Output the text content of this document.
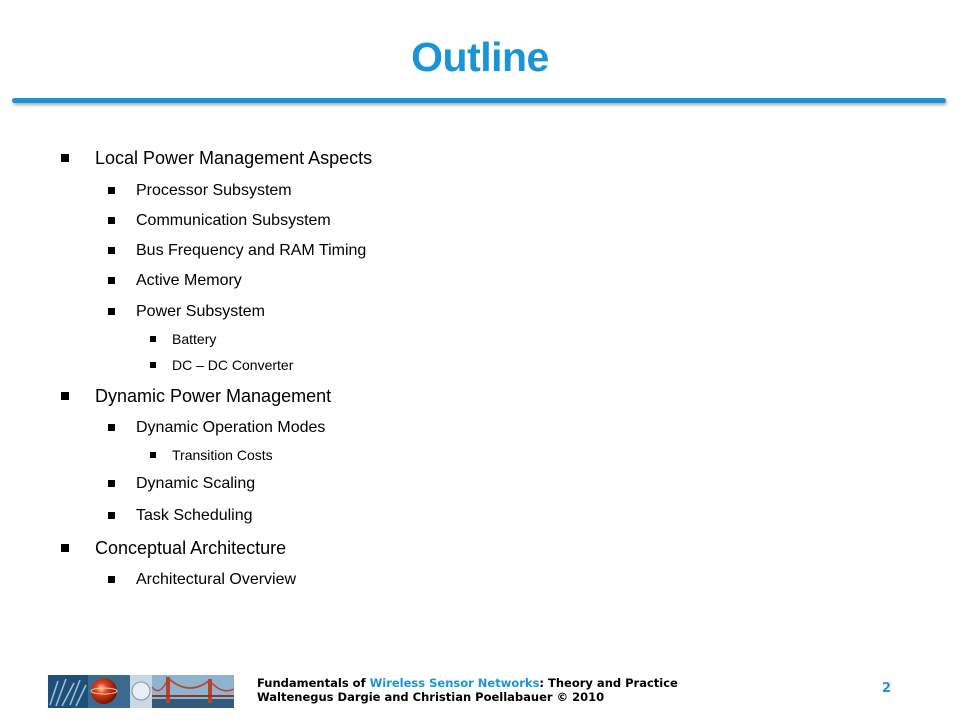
Outline
Local Power Management Aspects
Processor Subsystem
Communication Subsystem
Bus Frequency and RAM Timing
Active Memory
Power Subsystem
Battery
DC – DC Converter
Dynamic Power Management
Dynamic Operation Modes
Transition Costs
Dynamic Scaling
Task Scheduling
Conceptual Architecture
Architectural Overview
Fundamentals of Wireless Sensor Networks: Theory and Practice
Waltenegus Dargie and Christian Poellabauer © 2010
2
